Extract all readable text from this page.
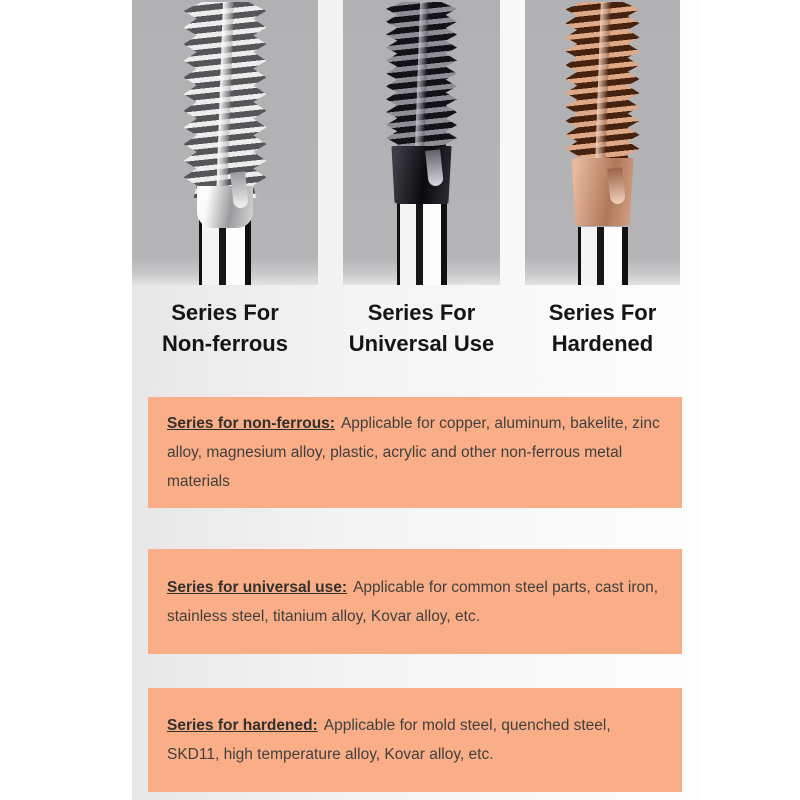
Series For
Non-ferrous
Series For
Universal Use
Series For
Hardened

Series for non-ferrous: Applicable for copper, aluminum, bakelite, zinc alloy, magnesium alloy, plastic, acrylic and other non-ferrous metal materials

Series for universal use: Applicable for common steel parts, cast iron, stainless steel, titanium alloy, Kovar alloy, etc.

Series for hardened: Applicable for mold steel, quenched steel, SKD11, high temperature alloy, Kovar alloy, etc.
